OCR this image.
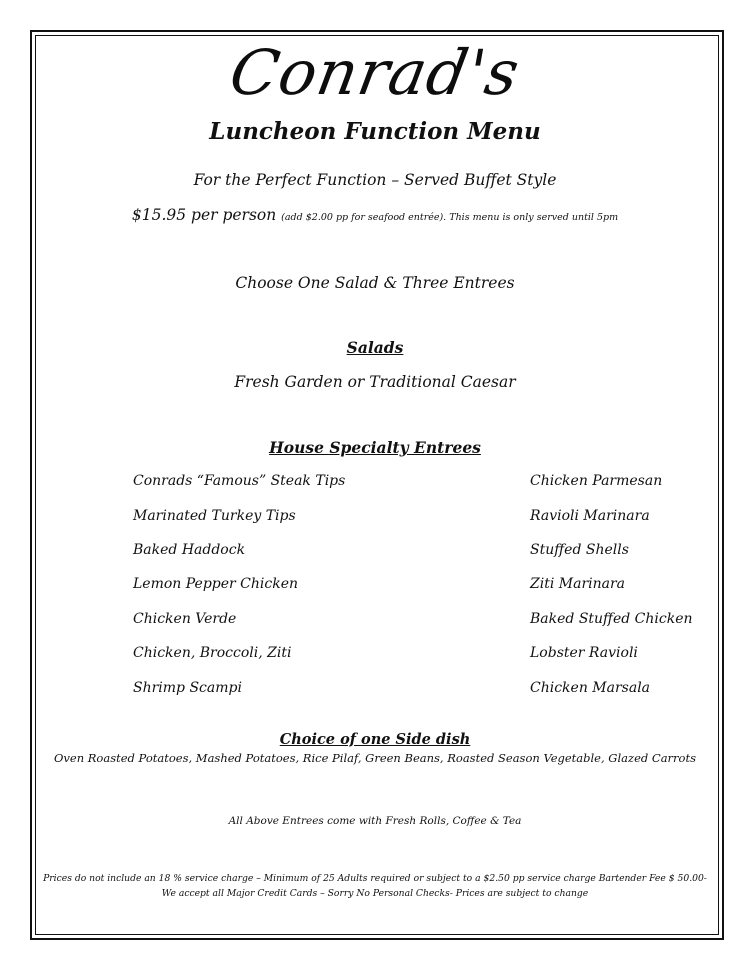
Conrad's
Luncheon Function Menu
For the Perfect Function – Served Buffet Style
$15.95 per person (add $2.00 pp for seafood entrée). This menu is only served until 5pm
Choose One Salad & Three Entrees
Salads
Fresh Garden or Traditional Caesar
House Specialty Entrees
Conrads “Famous” Steak Tips
Marinated Turkey Tips
Baked Haddock
Lemon Pepper Chicken
Chicken Verde
Chicken, Broccoli, Ziti
Shrimp Scampi
Chicken Parmesan
Ravioli Marinara
Stuffed Shells
Ziti Marinara
Baked Stuffed Chicken
Lobster Ravioli
Chicken Marsala
Choice of one Side dish
Oven Roasted Potatoes, Mashed Potatoes, Rice Pilaf, Green Beans, Roasted Season Vegetable, Glazed Carrots
All Above Entrees come with Fresh Rolls, Coffee & Tea
Prices do not include an 18 % service charge – Minimum of 25 Adults required or subject to a $2.50 pp service charge Bartender Fee $ 50.00-
We accept all Major Credit Cards – Sorry No Personal Checks- Prices are subject to change
